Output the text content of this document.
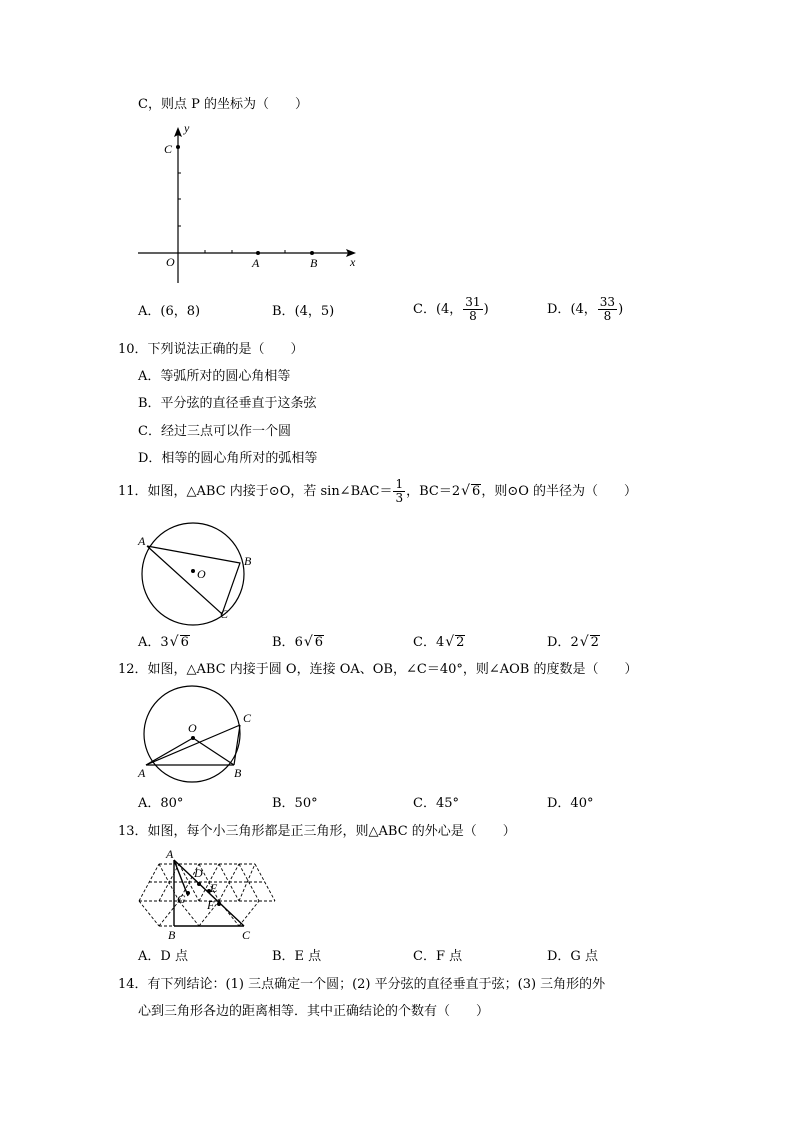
C，则点 P 的坐标为（　　）
y
C
O	A	B	x
A．(6，8)	B．(4，5)	C．(4， $\frac{31}{8}$ )	D．(4， $\frac{33}{8}$ )
10．下列说法正确的是（　　）
A．等弧所对的圆心角相等
B．平分弦的直径垂直于这条弦
C．经过三点可以作一个圆
D．相等的圆心角所对的弧相等
11．如图，△ABC 内接于⊙O，若 sin∠BAC＝ $\frac{1}{3}$ ，BC＝2√ 6，则⊙O 的半径为（　　）
A
B
C
O
A．3√ 6	B．6√ 6	C．4√ 2	D．2√ 2
12．如图，△ABC 内接于圆 O，连接 OA、OB，∠C＝40°，则∠AOB 的度数是（　　）
O
A	B
C
A．80°	B．50°	C．45°	D．40°
13．如图，每个小三角形都是正三角形，则△ABC 的外心是（　　）
A
B	C
D
E
F
G
A．D 点	B．E 点	C．F 点	D．G 点
14．有下列结论：(1) 三点确定一个圆；(2) 平分弦的直径垂直于弦；(3) 三角形的外
心到三角形各边的距离相等．其中正确结论的个数有（　　）
